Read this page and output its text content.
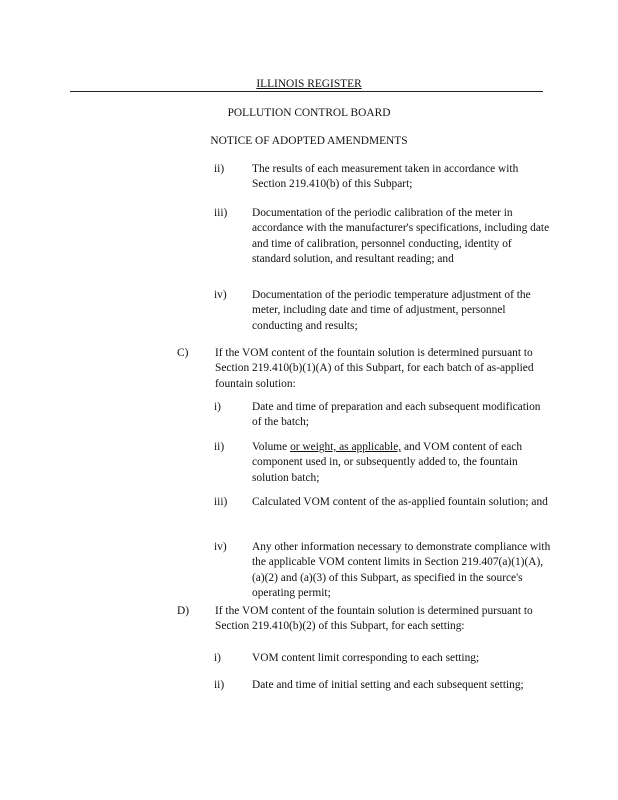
ILLINOIS REGISTER
POLLUTION CONTROL BOARD
NOTICE OF ADOPTED AMENDMENTS
ii) The results of each measurement taken in accordance with Section 219.410(b) of this Subpart;
iii) Documentation of the periodic calibration of the meter in accordance with the manufacturer's specifications, including date and time of calibration, personnel conducting, identity of standard solution, and resultant reading; and
iv) Documentation of the periodic temperature adjustment of the meter, including date and time of adjustment, personnel conducting and results;
C) If the VOM content of the fountain solution is determined pursuant to Section 219.410(b)(1)(A) of this Subpart, for each batch of as-applied fountain solution:
i)	Date and time of preparation and each subsequent modification of the batch;
ii) Volume or weight, as applicable, and VOM content of each component used in, or subsequently added to, the fountain solution batch;
iii) Calculated VOM content of the as-applied fountain solution; and
iv) Any other information necessary to demonstrate compliance with the applicable VOM content limits in Section 219.407(a)(1)(A), (a)(2) and (a)(3) of this Subpart, as specified in the source's operating permit;
D) If the VOM content of the fountain solution is determined pursuant to Section 219.410(b)(2) of this Subpart, for each setting:
i)	VOM content limit corresponding to each setting;
ii) Date and time of initial setting and each subsequent setting;
